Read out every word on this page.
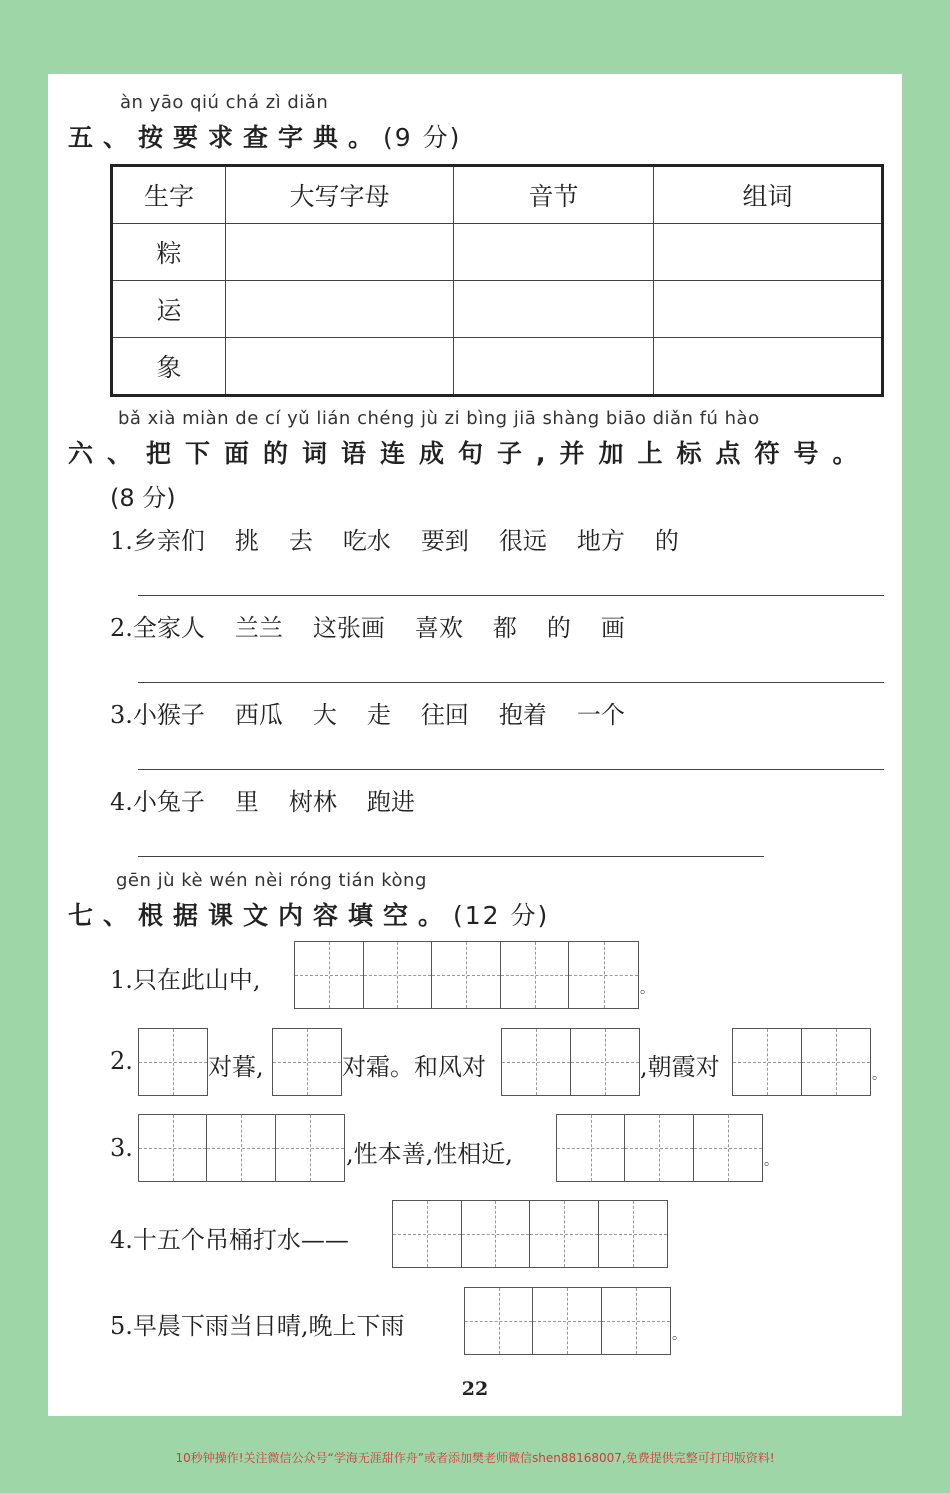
àn yāo qiú chá zì diǎn
五、按要求查字典。(9 分)
生字	大写字母	音节	组词
粽			
运			
象			
bǎ xià miàn de cí yǔ lián chéng jù zi bìng jiā shàng biāo diǎn fú hào
六、把下面的词语连成句子,并加上标点符号。
(8 分)
1.乡亲们 挑 去 吃水 要到 很远 地方 的
2.全家人 兰兰 这张画 喜欢 都 的 画
3.小猴子 西瓜 大 走 往回 抱着 一个
4.小兔子 里 树林 跑进
gēn jù kè wén nèi róng tián kòng
七、根据课文内容填空。(12 分)
1.只在此山中,	。
2.	对暮,	对霜。和风对	,朝霞对	。
3.	,性本善,性相近,	。
4.十五个吊桶打水——
5.早晨下雨当日晴,晚上下雨	。
22
10秒钟操作!关注微信公众号“学海无涯甜作舟”或者添加樊老师微信shen88168007,免费提供完整可打印版资料!
